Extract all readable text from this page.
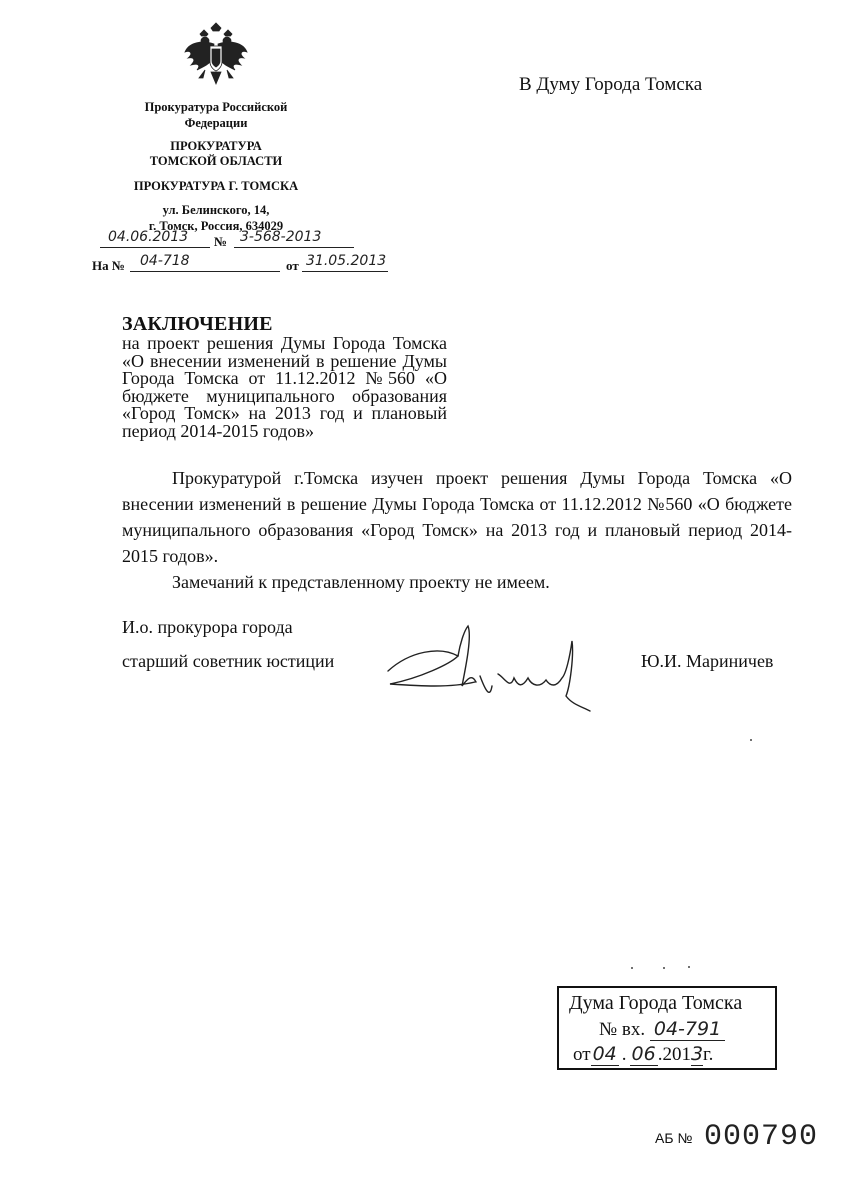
Прокуратура Российской
Федерации
ПРОКУРАТУРА
ТОМСКОЙ ОБЛАСТИ
ПРОКУРАТУРА Г. ТОМСКА
ул. Белинского, 14,
г. Томск, Россия, 634029
04.06.2013 № 3-568-2013
На № 04-718	от 31.05.2013
В Думу Города Томска
ЗАКЛЮЧЕНИЕ
на проект решения Думы Города Томска «О внесении изменений в решение Думы Города Томска от 11.12.2012 №560 «О бюджете муниципального образования «Город Томск» на 2013 год и плановый период 2014-2015 годов»

Прокуратурой г.Томска изучен проект решения Думы Города Томска «О внесении изменений в решение Думы Города Томска от 11.12.2012 №560 «О бюджете муниципального образования «Город Томск» на 2013 год и плановый период 2014-2015 годов».

Замечаний к представленному проекту не имеем.

И.о. прокурора города
старший советник юстиции	Ю.И. Мариничев
Дума Города Томска
№ вх. 04-791
от 04 . 06 .2013г.
АБ № 000790
